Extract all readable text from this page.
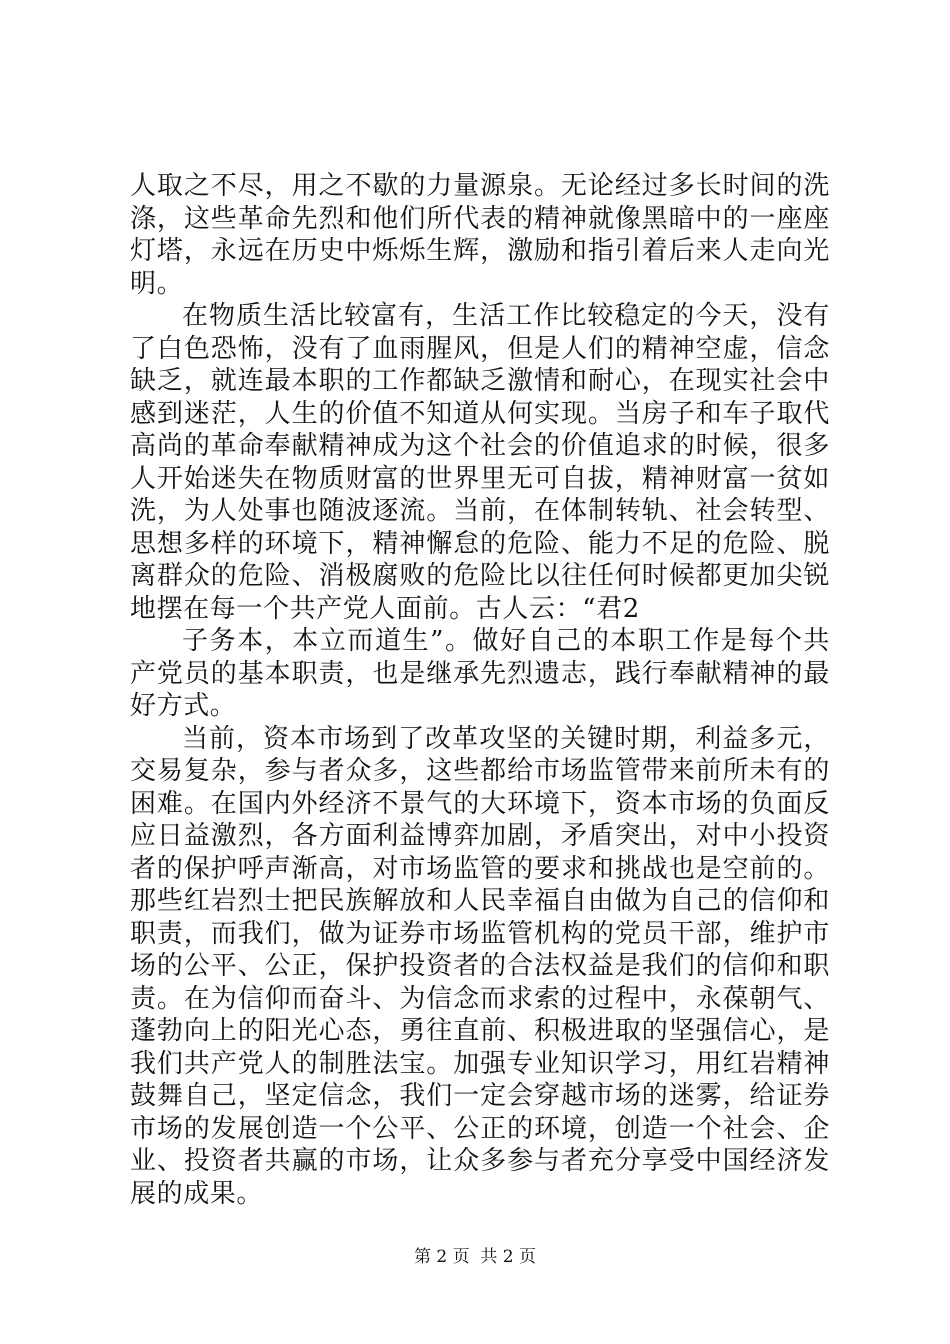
人取之不尽，用之不歇的力量源泉。无论经过多长时间的洗涤，这些革命先烈和他们所代表的精神就像黑暗中的一座座灯塔，永远在历史中烁烁生辉，激励和指引着后来人走向光明。

在物质生活比较富有，生活工作比较稳定的今天，没有了白色恐怖，没有了血雨腥风，但是人们的精神空虚，信念缺乏，就连最本职的工作都缺乏激情和耐心，在现实社会中感到迷茫，人生的价值不知道从何实现。当房子和车子取代高尚的革命奉献精神成为这个社会的价值追求的时候，很多人开始迷失在物质财富的世界里无可自拔，精神财富一贫如洗，为人处事也随波逐流。当前，在体制转轨、社会转型、思想多样的环境下，精神懈怠的危险、能力不足的危险、脱离群众的危险、消极腐败的危险比以往任何时候都更加尖锐地摆在每一个共产党人面前。古人云：“君2

子务本，本立而道生”。做好自己的本职工作是每个共产党员的基本职责，也是继承先烈遗志，践行奉献精神的最好方式。

当前，资本市场到了改革攻坚的关键时期，利益多元，交易复杂，参与者众多，这些都给市场监管带来前所未有的困难。在国内外经济不景气的大环境下，资本市场的负面反应日益激烈，各方面利益博弈加剧，矛盾突出，对中小投资者的保护呼声渐高，对市场监管的要求和挑战也是空前的。那些红岩烈士把民族解放和人民幸福自由做为自己的信仰和职责，而我们，做为证券市场监管机构的党员干部，维护市场的公平、公正，保护投资者的合法权益是我们的信仰和职责。在为信仰而奋斗、为信念而求索的过程中，永葆朝气、蓬勃向上的阳光心态，勇往直前、积极进取的坚强信心，是我们共产党人的制胜法宝。加强专业知识学习，用红岩精神鼓舞自己，坚定信念，我们一定会穿越市场的迷雾，给证券市场的发展创造一个公平、公正的环境，创造一个社会、企业、投资者共赢的市场，让众多参与者充分享受中国经济发展的成果。

第 2 页  共 2 页
